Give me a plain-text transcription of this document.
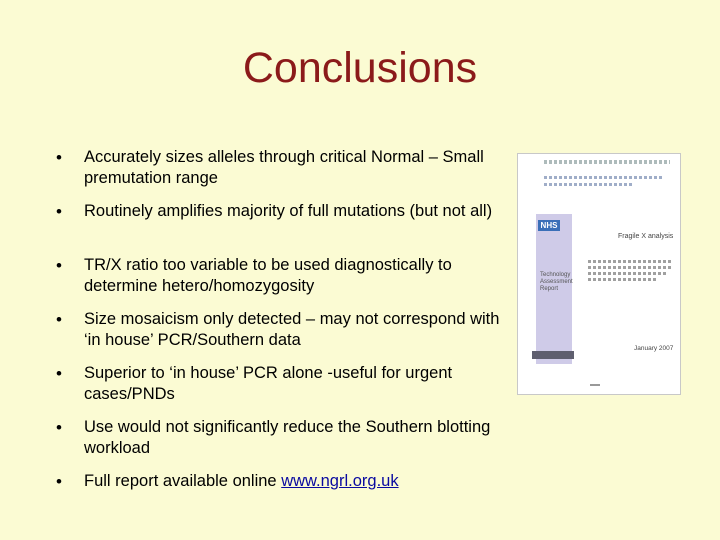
Conclusions
• Accurately sizes alleles through critical Normal – Small premutation range
• Routinely amplifies majority of full mutations (but not all)
• TR/X ratio too variable to be used diagnostically to determine hetero/homozygosity
• Size mosaicism only detected – may not correspond with ‘in house’ PCR/Southern data
• Superior to ‘in house’ PCR alone -useful for urgent cases/PNDs
• Use would not significantly reduce the Southern blotting workload
• Full report available online www.ngrl.org.uk
NHS
Technology Assessment Report
Fragile X analysis
January 2007
